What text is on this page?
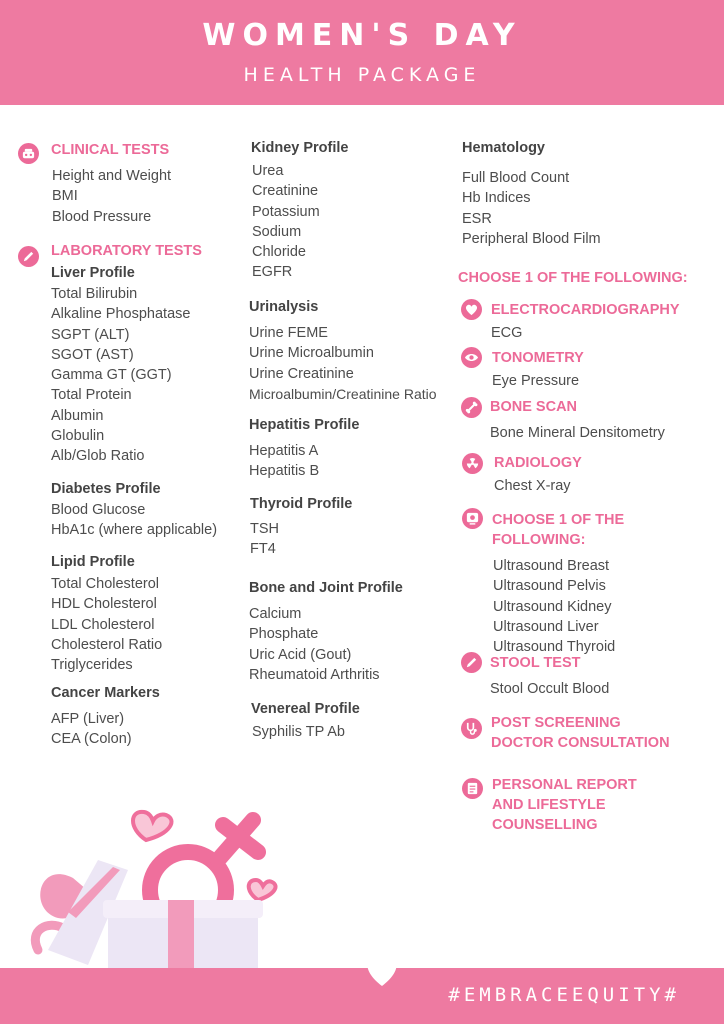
WOMEN'S DAY
HEALTH PACKAGE
CLINICAL TESTS
Height and Weight
BMI
Blood Pressure
LABORATORY TESTS
Liver Profile
Total Bilirubin
Alkaline Phosphatase
SGPT (ALT)
SGOT (AST)
Gamma GT (GGT)
Total Protein
Albumin
Globulin
Alb/Glob Ratio
Diabetes Profile
Blood Glucose
HbA1c (where applicable)
Lipid Profile
Total Cholesterol
HDL Cholesterol
LDL Cholesterol
Cholesterol Ratio
Triglycerides
Cancer Markers
AFP (Liver)
CEA (Colon)
Kidney Profile
Urea
Creatinine
Potassium
Sodium
Chloride
EGFR
Urinalysis
Urine FEME
Urine Microalbumin
Urine Creatinine
Microalbumin/Creatinine Ratio
Hepatitis Profile
Hepatitis A
Hepatitis B
Thyroid Profile
TSH
FT4
Bone and Joint Profile
Calcium
Phosphate
Uric Acid (Gout)
Rheumatoid Arthritis
Venereal Profile
Syphilis TP Ab
Hematology
Full Blood Count
Hb Indices
ESR
Peripheral Blood Film
CHOOSE 1 OF THE FOLLOWING:
ELECTROCARDIOGRAPHY
ECG
TONOMETRY
Eye Pressure
BONE SCAN
Bone Mineral Densitometry
RADIOLOGY
Chest X-ray
CHOOSE 1 OF THE FOLLOWING:
Ultrasound Breast
Ultrasound Pelvis
Ultrasound Kidney
Ultrasound Liver
Ultrasound Thyroid
STOOL TEST
Stool Occult Blood
POST SCREENING
DOCTOR CONSULTATION
PERSONAL REPORT
AND LIFESTYLE
COUNSELLING
#EMBRACEEQUITY#
